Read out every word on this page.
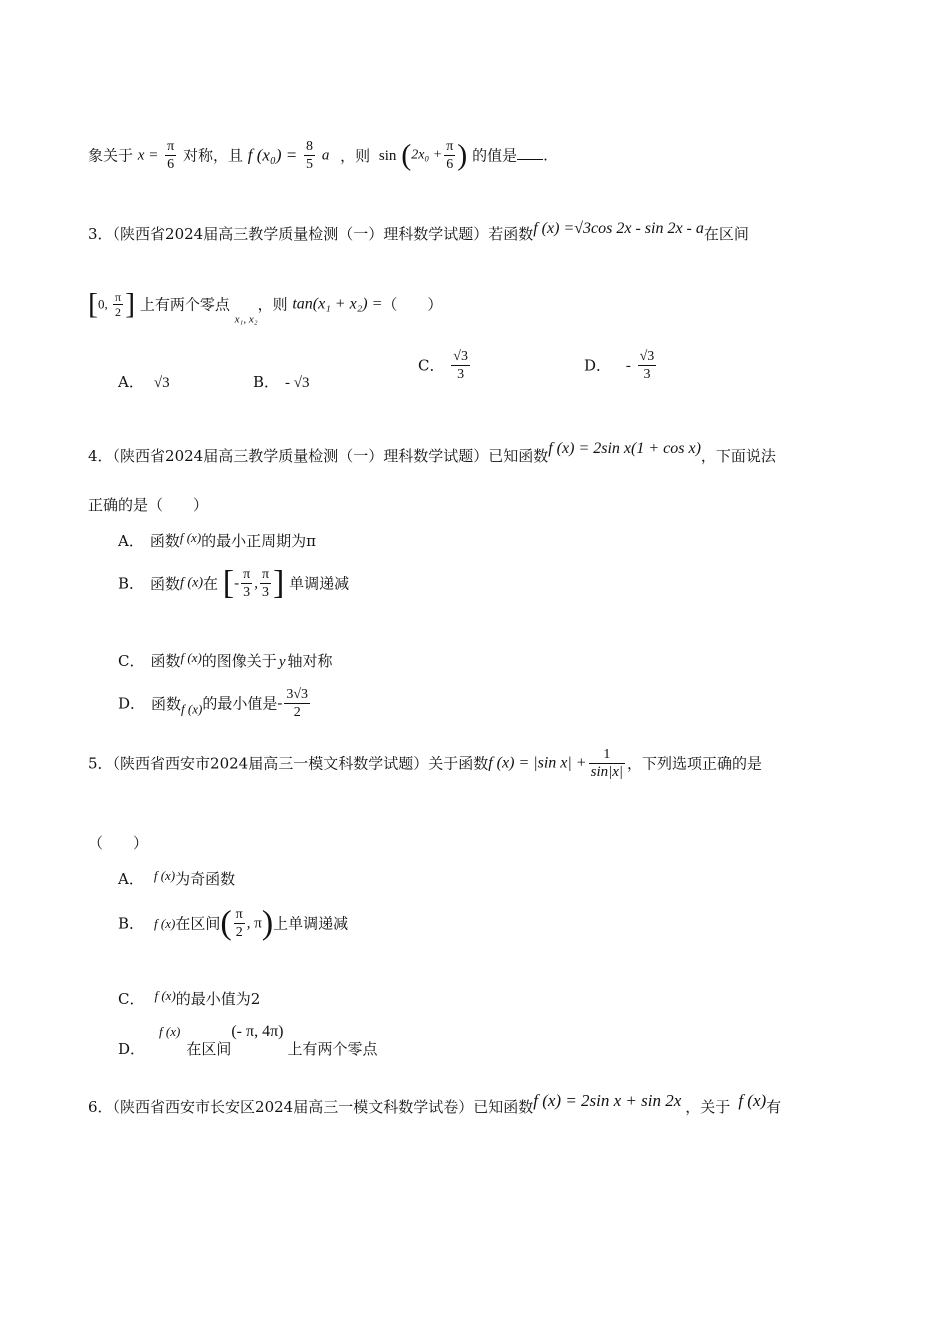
象关于 $x = \frac{\pi}{6}$ 对称，且 f $(x_0) = \frac{8}{5}$ a ，则 $\sin (2x_0 + \frac{\pi}{6}$ ) 的值是 .
3．（陕西省2024届高三教学质量检测（一）理科数学试题）若函数f (x) =√3cos 2x - sin 2x - a在区间
[0, $\frac{\pi}{2}$ ] 上有两个零点 $_{x_1, x_2}$，则 tan(x₁ + x₂) =（　　）
A． √3	B． - √3
C． $\frac{√3}{3}$	D． - $\frac{√3}{3}$
4．（陕西省2024届高三教学质量检测（一）理科数学试题）已知函数f (x) = 2sin x(1 + cos x)，下面说法
正确的是（　　）
A． 函数f (x)的最小正周期为π
B． 函数f (x)在 [- $\frac{\pi}{3}$ , $\frac{\pi}{3}$ ] 单调递减
C． 函数f (x)的图像关于 y 轴对称
D． 函数f (x)的最小值是- $\frac{3√3}{2}$
5．（陕西省西安市2024届高三一模文科数学试题）关于函数f (x) = |sin $x| + \frac{1}{\sin|x|}$ ，下列选项正确的是
（　　）
A． f (x)为奇函数
B． f (x)在区间( $\frac{\pi}{2}$ , π)上单调递减
C． f (x)的最小值为2
D．f (x)在区间(- π, 4π)上有两个零点
6．（陕西省西安市长安区2024届高三一模文科数学试卷）已知函数f (x) = 2sin x + sin 2x ，关于 f (x)有
